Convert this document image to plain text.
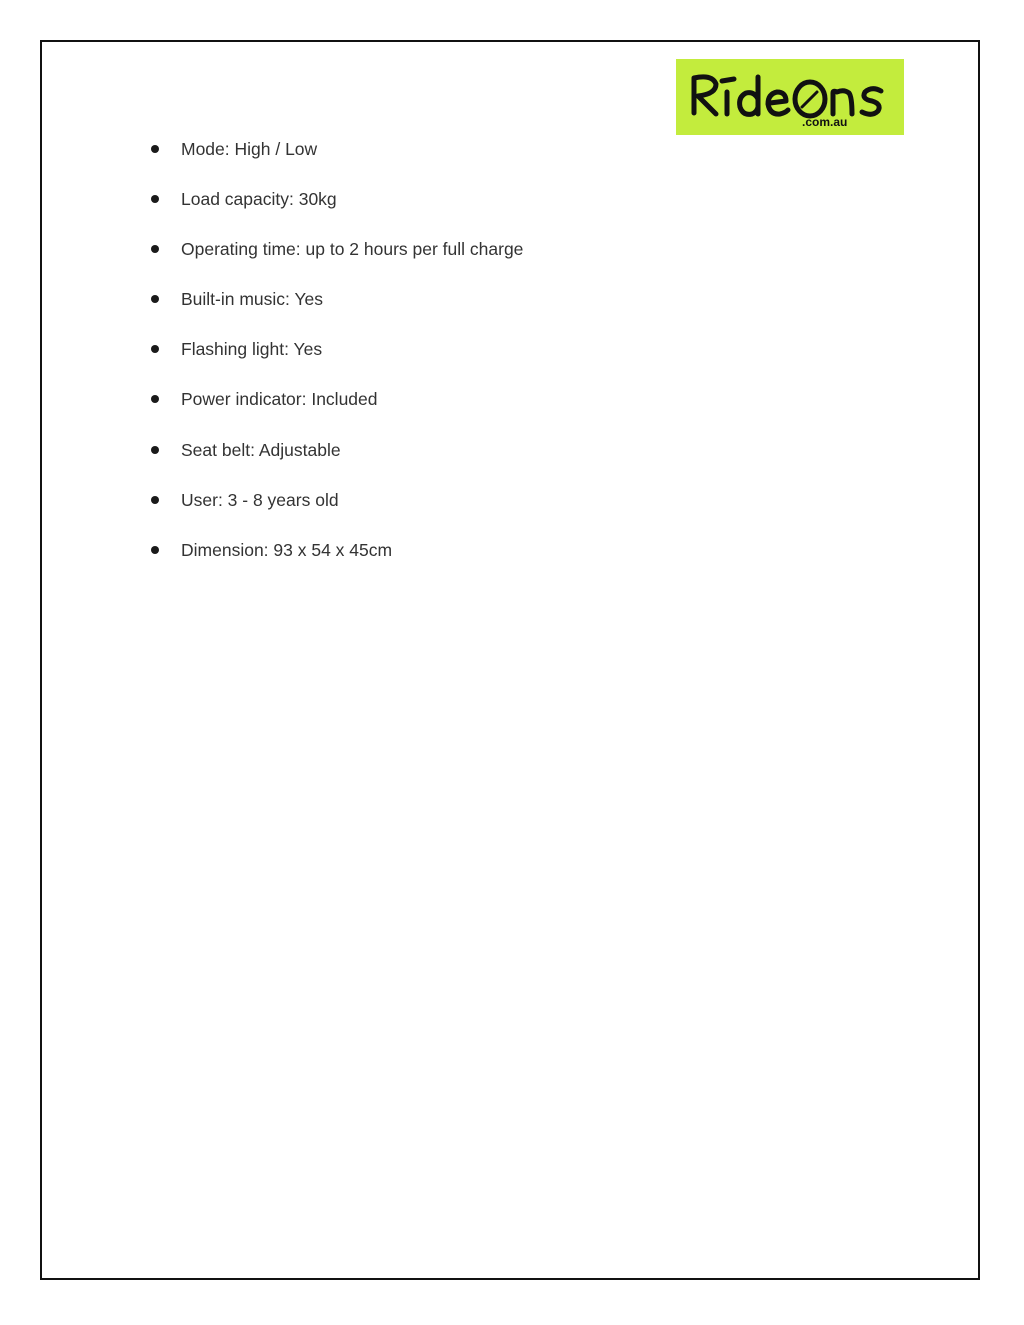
.com.au
Mode: High / Low
Load capacity: 30kg
Operating time: up to 2 hours per full charge
Built-in music: Yes
Flashing light: Yes
Power indicator: Included
Seat belt: Adjustable
User: 3 - 8 years old
Dimension: 93 x 54 x 45cm
